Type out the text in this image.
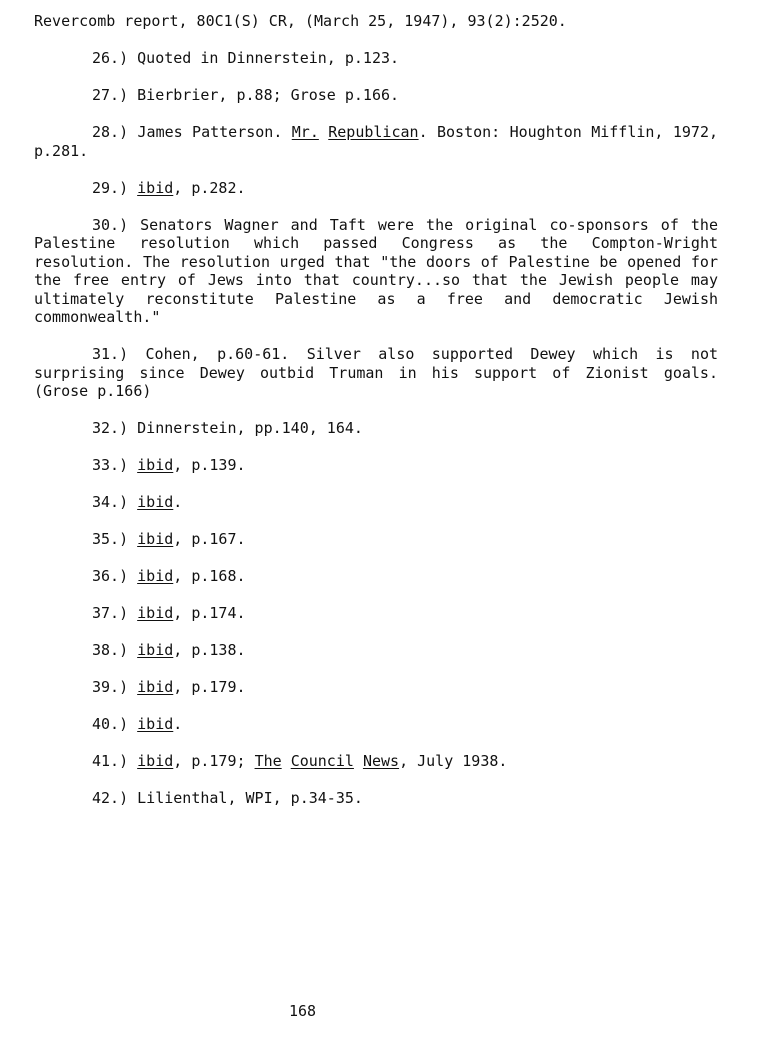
Revercomb report, 80C1(S) CR, (March 25, 1947), 93(2):2520.
26.) Quoted in Dinnerstein, p.123.
27.) Bierbrier, p.88; Grose p.166.
28.) James Patterson. Mr. Republican. Boston: Houghton Mifflin, 1972, p.281.
29.) ibid, p.282.
30.) Senators Wagner and Taft were the original co-sponsors of the Palestine resolution which passed Congress as the Compton-Wright resolution. The resolution urged that "the doors of Palestine be opened for the free entry of Jews into that country...so that the Jewish people may ultimately reconstitute Palestine as a free and democratic Jewish commonwealth."
31.) Cohen, p.60-61. Silver also supported Dewey which is not surprising since Dewey outbid Truman in his support of Zionist goals. (Grose p.166)
32.) Dinnerstein, pp.140, 164.
33.) ibid, p.139.
34.) ibid.
35.) ibid, p.167.
36.) ibid, p.168.
37.) ibid, p.174.
38.) ibid, p.138.
39.) ibid, p.179.
40.) ibid.
41.) ibid, p.179; The Council News, July 1938.
42.) Lilienthal, WPI, p.34-35.
168
